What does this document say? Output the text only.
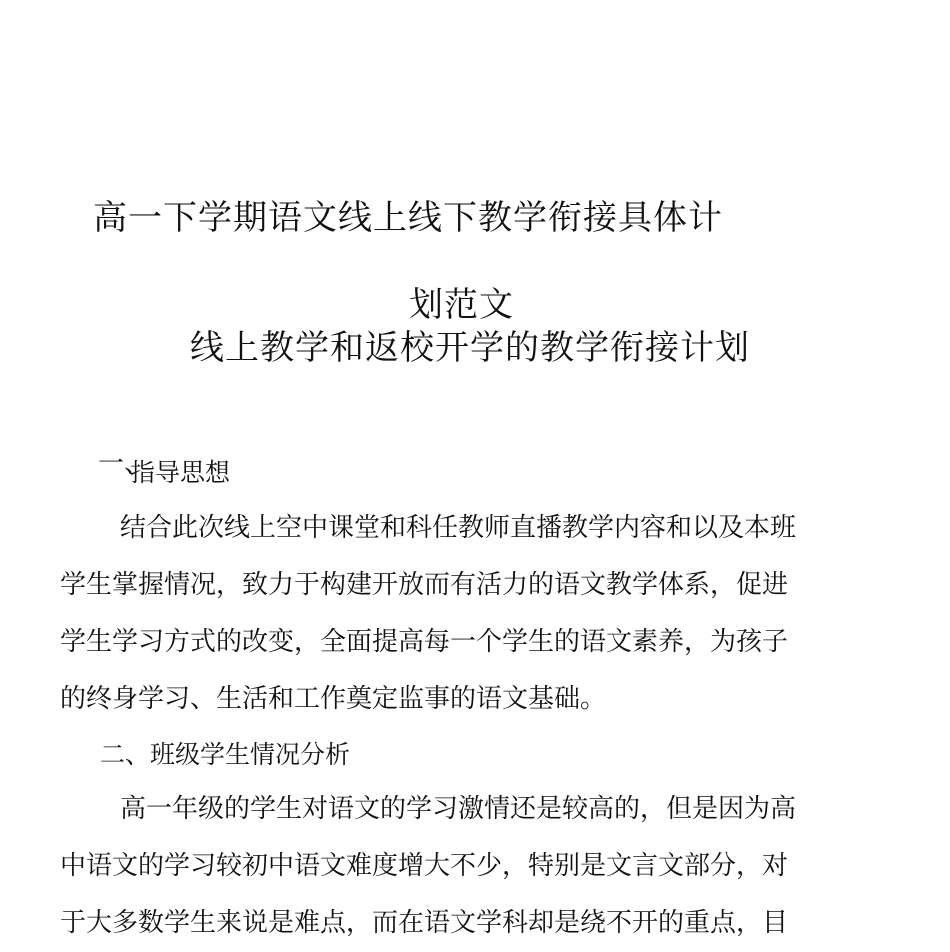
高一下学期语文线上线下教学衔接具体计
划范文
线上教学和返校开学的教学衔接计划
一、
指导思想
结合此次线上空中课堂和科任教师直播教学内容和以及本班
学生掌握情况，致力于构建开放而有活力的语文教学体系，促进
学生学习方式的改变，全面提高每一个学生的语文素养，为孩子
的终身学习、生活和工作奠定监事的语文基础。
二、班级学生情况分析
高一年级的学生对语文的学习激情还是较高的，但是因为高
中语文的学习较初中语文难度增大不少，特别是文言文部分，对
于大多数学生来说是难点，而在语文学科却是绕不开的重点，目
